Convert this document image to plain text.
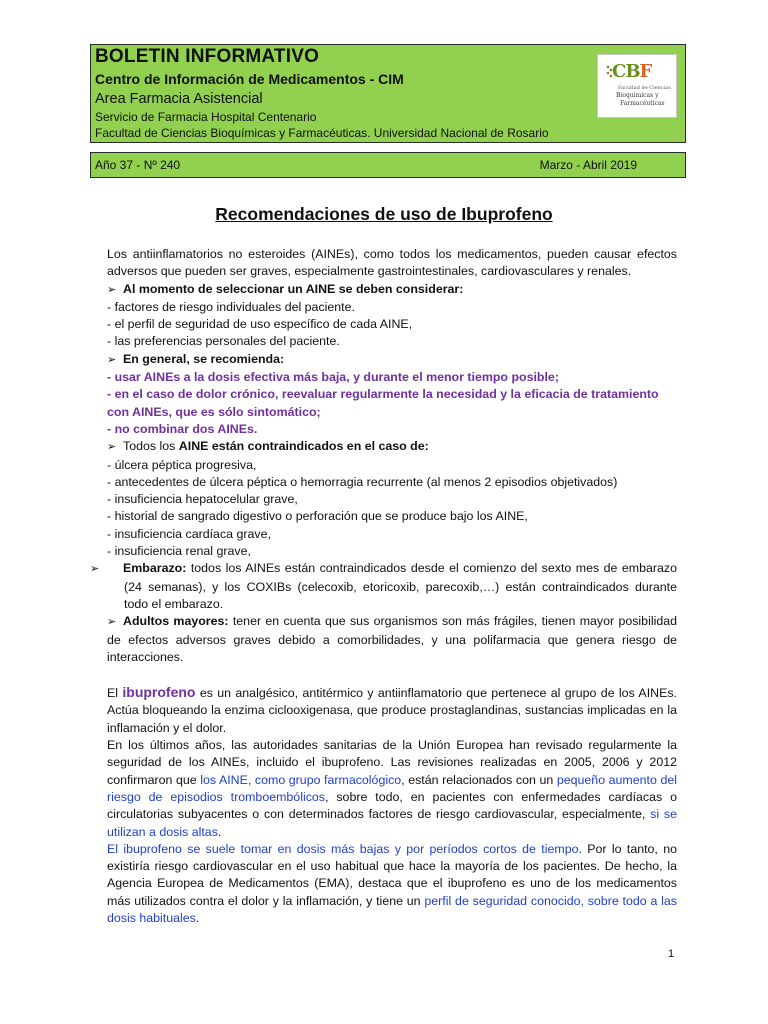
BOLETIN INFORMATIVO
Centro de Información de Medicamentos - CIM
Area Farmacia Asistencial
Servicio de Farmacia Hospital Centenario
Facultad de Ciencias Bioquímicas y Farmacéuticas. Universidad Nacional de Rosario
CBF
Facultad de Ciencias
Bioquímicas y
Farmacéuticas
Año 37 - Nº 240	Marzo - Abril 2019
Recomendaciones de uso de Ibuprofeno

Los antiinflamatorios no esteroides (AINEs), como todos los medicamentos, pueden causar efectos adversos que pueden ser graves, especialmente gastrointestinales, cardiovasculares y renales.

➢ Al momento de seleccionar un AINE se deben considerar:

- factores de riesgo individuales del paciente.

- el perfil de seguridad de uso específico de cada AINE,

- las preferencias personales del paciente.

➢ En general, se recomienda:

- usar AINEs a la dosis efectiva más baja, y durante el menor tiempo posible;

- en el caso de dolor crónico, reevaluar regularmente la necesidad y la eficacia de tratamiento con AINEs, que es sólo sintomático;

- no combinar dos AINEs.

➢ Todos los AINE están contraindicados en el caso de:

- úlcera péptica progresiva,

- antecedentes de úlcera péptica o hemorragia recurrente (al menos 2 episodios objetivados)

- insuficiencia hepatocelular grave,

- historial de sangrado digestivo o perforación que se produce bajo los AINE,

- insuficiencia cardíaca grave,

- insuficiencia renal grave,

➢ Embarazo: todos los AINEs están contraindicados desde el comienzo del sexto mes de embarazo (24 semanas), y los COXIBs (celecoxib, etoricoxib, parecoxib,…) están contraindicados durante todo el embarazo.

➢ Adultos mayores: tener en cuenta que sus organismos son más frágiles, tienen mayor posibilidad de efectos adversos graves debido a comorbilidades, y una polifarmacia que genera riesgo de interacciones.

El ibuprofeno es un analgésico, antitérmico y antiinflamatorio que pertenece al grupo de los AINEs. Actúa bloqueando la enzima ciclooxigenasa, que produce prostaglandinas, sustancias implicadas en la inflamación y el dolor.

En los últimos años, las autoridades sanitarias de la Unión Europea han revisado regularmente la seguridad de los AINEs, incluido el ibuprofeno. Las revisiones realizadas en 2005, 2006 y 2012 confirmaron que los AINE, como grupo farmacológico, están relacionados con un pequeño aumento del riesgo de episodios tromboembólicos, sobre todo, en pacientes con enfermedades cardíacas o circulatorias subyacentes o con determinados factores de riesgo cardiovascular, especialmente, si se utilizan a dosis altas.

El ibuprofeno se suele tomar en dosis más bajas y por períodos cortos de tiempo. Por lo tanto, no existiría riesgo cardiovascular en el uso habitual que hace la mayoría de los pacientes. De hecho, la Agencia Europea de Medicamentos (EMA), destaca que el ibuprofeno es uno de los medicamentos más utilizados contra el dolor y la inflamación, y tiene un perfil de seguridad conocido, sobre todo a las dosis habituales.

1
